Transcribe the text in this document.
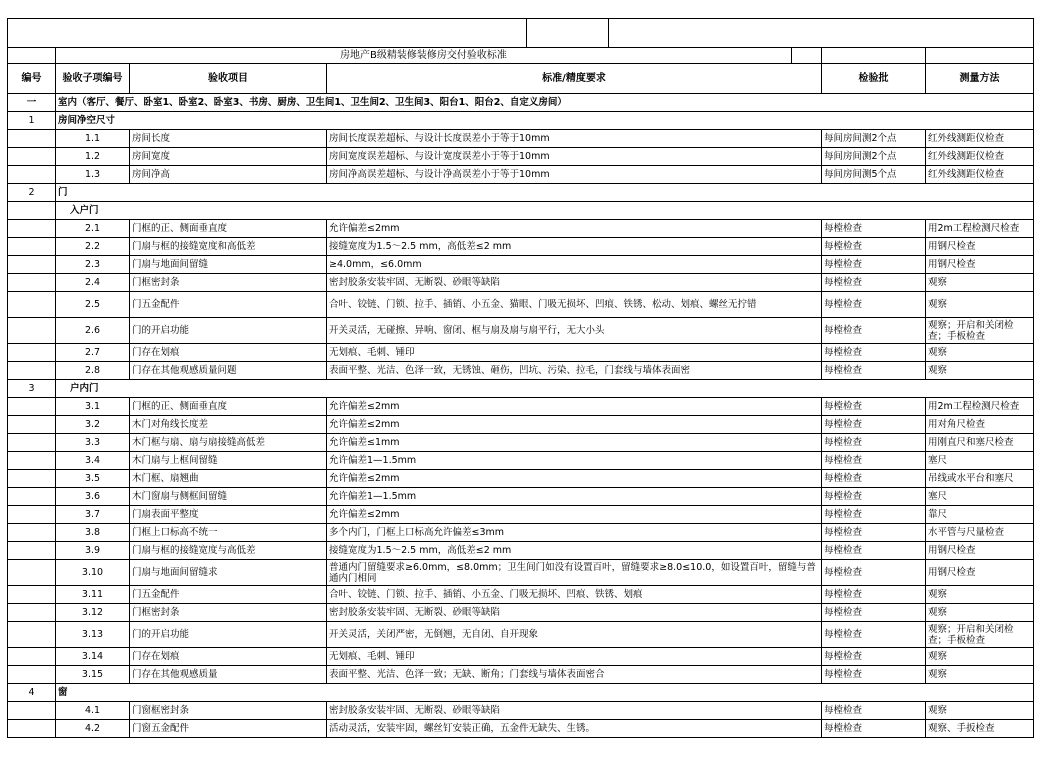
	房地产B级精装修装修房交付验收标准							
编号	验收子项编号	验收项目	标准/精度要求				检验批	测量方法
一	室内（客厅、餐厅、卧室1、卧室2、卧室3、书房、厨房、卫生间1、卫生间2、卫生间3、阳台1、阳台2、自定义房间）							
1	房间净空尺寸							
	1.1	房间长度	房间长度误差超标、与设计长度误差小于等于10mm				每间房间测2个点	红外线测距仪检查
	1.2	房间宽度	房间宽度误差超标、与设计宽度误差小于等于10mm				每间房间测2个点	红外线测距仪检查
	1.3	房间净高	房间净高误差超标、与设计净高误差小于等于10mm				每间房间测5个点	红外线测距仪检查
2	门							
	入户门							
	2.1	门框的正、侧面垂直度	允许偏差≤2mm				每樘检查	用2m工程检测尺检查
	2.2	门扇与框的接缝宽度和高低差	接缝宽度为1.5～2.5 mm，高低差≤2 mm				每樘检查	用钢尺检查
	2.3	门扇与地面间留缝	≥4.0mm，≤6.0mm				每樘检查	用钢尺检查
	2.4	门框密封条	密封胶条安装牢固、无断裂、砂眼等缺陷				每樘检查	观察
	2.5	门五金配件	合叶、铰链、门锁、拉手、插销、小五金、猫眼、门吸无损坏、凹痕、铁锈、松动、划痕、螺丝无拧错				每樘检查	观察
	2.6	门的开启功能	开关灵活，无碰擦、异响、窗闭、框与扇及扇与扇平行，无大小头				每樘检查	观察；开启和关闭检查；手板检查
	2.7	门存在划痕	无划痕、毛刺、锤印				每樘检查	观察
	2.8	门存在其他观感质量问题	表面平整、光洁、色泽一致，无锈蚀、砸伤，凹坑、污染、拉毛，门套线与墙体表面密				每樘检查	观察
3	户内门							
	3.1	门框的正、侧面垂直度	允许偏差≤2mm				每樘检查	用2m工程检测尺检查
	3.2	木门对角线长度差	允许偏差≤2mm				每樘检查	用对角尺检查
	3.3	木门框与扇、扇与扇接缝高低差	允许偏差≤1mm				每樘检查	用刚直尺和塞尺检查
	3.4	木门扇与上框间留缝	允许偏差1—1.5mm				每樘检查	塞尺
	3.5	木门框、扇翘曲	允许偏差≤2mm				每樘检查	吊线或水平台和塞尺
	3.6	木门窗扇与侧框间留缝	允许偏差1—1.5mm				每樘检查	塞尺
	3.7	门扇表面平整度	允许偏差≤2mm				每樘检查	靠尺
	3.8	门框上口标高不统一	多个内门，门框上口标高允许偏差≤3mm				每樘检查	水平管与尺量检查
	3.9	门扇与框的接缝宽度与高低差	接缝宽度为1.5～2.5 mm，高低差≤2 mm				每樘检查	用钢尺检查
	3.10	门扇与地面间留缝求	普通内门留缝要求≥6.0mm，≤8.0mm；卫生间门如没有设置百叶，留缝要求≥8.0≤10.0，如设置百叶，留缝与普通内门相同				每樘检查	用钢尺检查
	3.11	门五金配件	合叶、铰链、门锁、拉手、插销、小五金、门吸无损坏、凹痕、铁锈、划痕				每樘检查	观察
	3.12	门框密封条	密封胶条安装牢固、无断裂、砂眼等缺陷				每樘检查	观察
	3.13	门的开启功能	开关灵活，关闭严密，无倒翘，无自闭、自开现象				每樘检查	观察；开启和关闭检查；手板检查
	3.14	门存在划痕	无划痕、毛刺、锤印				每樘检查	观察
	3.15	门存在其他观感质量	表面平整、光洁、色泽一致；无缺、断角；门套线与墙体表面密合				每樘检查	观察
4	窗							
	4.1	门窗框密封条	密封胶条安装牢固、无断裂、砂眼等缺陷				每樘检查	观察
	4.2	门窗五金配件	活动灵活，安装牢固，螺丝钉安装正确，五金件无缺失、生锈。				每樘检查	观察、手扳检查
